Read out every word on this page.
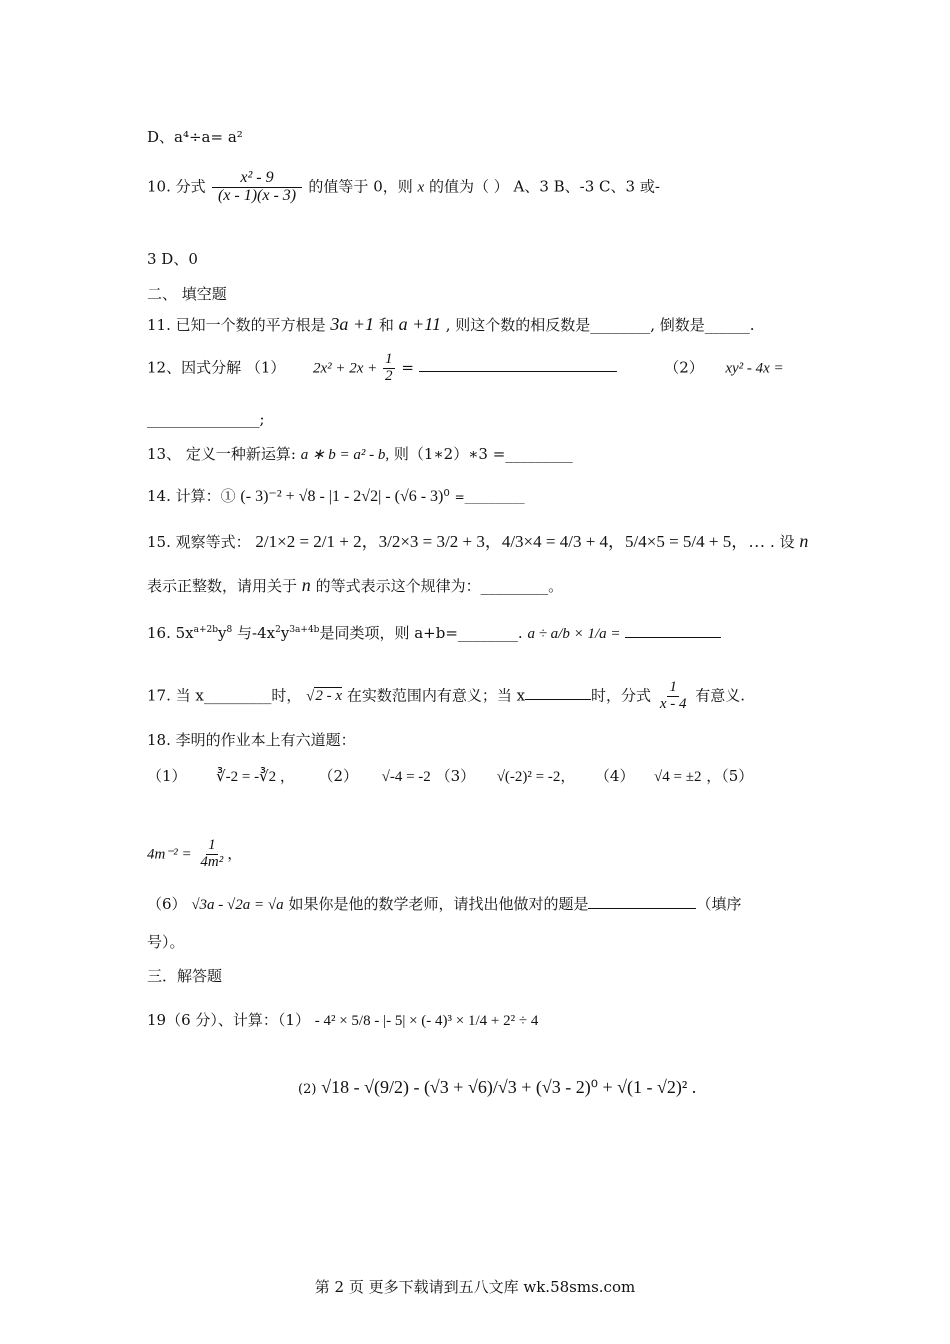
D、a⁴÷a= a²
10. 分式 $\frac{\text{x² - 9}}{(x - 1)(x - 3)}$ 的值等于 0，则 x 的值为（ ） A、3 B、-3 C、3 或-
3 D、0
二、 填空题
11. 已知一个数的平方根是 3a +1 和 a +11 , 则这个数的相反数是________, 倒数是______.
12、因式分解 （1） $2x^2 + 2x + \frac{1}{2}$ =	（2） xy² - 4x =
_______________;
13、 定义一种新运算: a ∗ b = a² - b, 则（1∗2）∗3 =_________
14. 计算：① (- 3)⁻² + √8 - |1 - 2√2| - (√6 - 3)⁰ =__________
15. 观察等式： 2/1×2 = 2/1 + 2，3/2×3 = 3/2 + 3，4/3×4 = 4/3 + 4，5/4×5 = 5/4 + 5，… . 设 n
表示正整数，请用关于 n 的等式表示这个规律为：_________。
16. $5x^{a+2b}y^8$ 与$-4x^2y^{3a+4b}$是同类项，则 a+b=________. a ÷ a/b × 1/a =
17. 当 x_________时， √2 - x 在实数范围内有意义；当 x	时，分式 $\frac{1}{x - 4}$ 有意义.
18. 李明的作业本上有六道题：
（1） ∛-2 = -∛2 ， （2） √-4 = -2 （3） √(-2)² = -2， （4） √4 = ±2 ，（5）
$4m^{-2} = \frac{1}{\text{4m²}}$ ，
（6） √3a - √2a = √a 如果你是他的数学老师，请找出他做对的题是	（填序
号）。
三．解答题
19（6 分）、计算：（1） - 4² × 5/8 - |- 5| × (- 4)³ × 1/4 + 2² ÷ 4
(2) √18 - √(9/2) - (√3 + √6)/√3 + (√3 - 2)⁰ + √(1 - √2)² .
第 2 页 更多下载请到五八文库 wk.58sms.com
